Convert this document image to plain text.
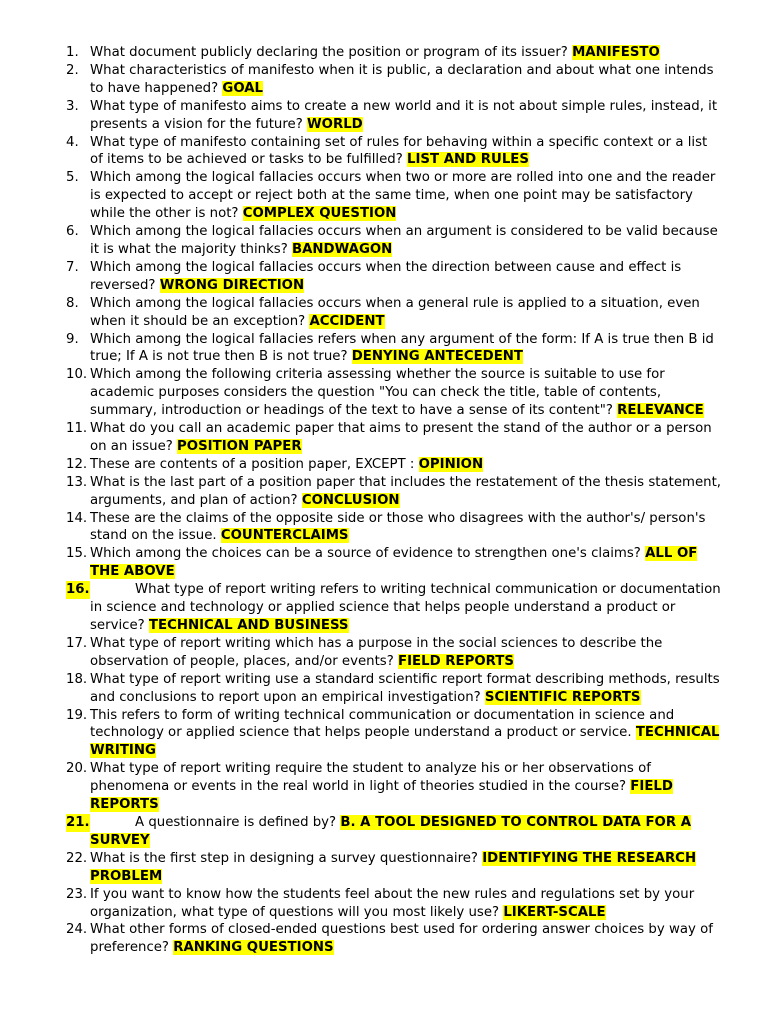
1. What document publicly declaring the position or program of its issuer? MANIFESTO
2. What characteristics of manifesto when it is public, a declaration and about what one intends to have happened? GOAL
3. What type of manifesto aims to create a new world and it is not about simple rules, instead, it presents a vision for the future? WORLD
4. What type of manifesto containing set of rules for behaving within a specific context or a list of items to be achieved or tasks to be fulfilled? LIST AND RULES
5. Which among the logical fallacies occurs when two or more are rolled into one and the reader is expected to accept or reject both at the same time, when one point may be satisfactory while the other is not? COMPLEX QUESTION
6. Which among the logical fallacies occurs when an argument is considered to be valid because it is what the majority thinks? BANDWAGON
7. Which among the logical fallacies occurs when the direction between cause and effect is reversed? WRONG DIRECTION
8. Which among the logical fallacies occurs when a general rule is applied to a situation, even when it should be an exception? ACCIDENT
9. Which among the logical fallacies refers when any argument of the form: If A is true then B id true; If A is not true then B is not true? DENYING ANTECEDENT
10. Which among the following criteria assessing whether the source is suitable to use for academic purposes considers the question "You can check the title, table of contents, summary, introduction or headings of the text to have a sense of its content"? RELEVANCE
11. What do you call an academic paper that aims to present the stand of the author or a person on an issue? POSITION PAPER
12. These are contents of a position paper, EXCEPT : OPINION
13. What is the last part of a position paper that includes the restatement of the thesis statement, arguments, and plan of action? CONCLUSION
14. These are the claims of the opposite side or those who disagrees with the author's/ person's stand on the issue. COUNTERCLAIMS
15. Which among the choices can be a source of evidence to strengthen one's claims? ALL OF THE ABOVE
16.	What type of report writing refers to writing technical communication or documentation in science and technology or applied science that helps people understand a product or service? TECHNICAL AND BUSINESS
17. What type of report writing which has a purpose in the social sciences to describe the observation of people, places, and/or events? FIELD REPORTS
18. What type of report writing use a standard scientific report format describing methods, results and conclusions to report upon an empirical investigation? SCIENTIFIC REPORTS
19. This refers to form of writing technical communication or documentation in science and technology or applied science that helps people understand a product or service. TECHNICAL WRITING
20. What type of report writing require the student to analyze his or her observations of phenomena or events in the real world in light of theories studied in the course? FIELD REPORTS
21.	A questionnaire is defined by? B. A TOOL DESIGNED TO CONTROL DATA FOR A SURVEY
22. What is the first step in designing a survey questionnaire? IDENTIFYING THE RESEARCH PROBLEM
23. If you want to know how the students feel about the new rules and regulations set by your organization, what type of questions will you most likely use? LIKERT-SCALE
24. What other forms of closed-ended questions best used for ordering answer choices by way of preference? RANKING QUESTIONS
